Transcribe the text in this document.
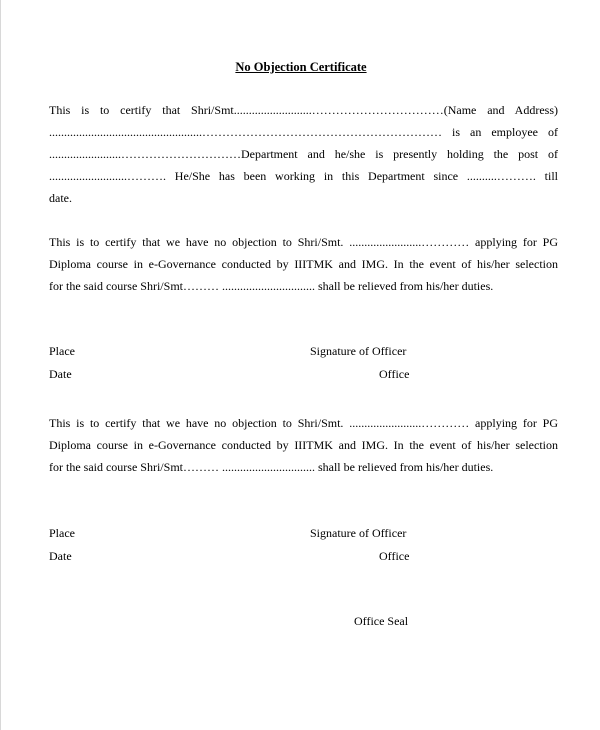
No Objection Certificate
This is to certify that Shri/Smt..........................……………………………(Name and Address)
...................................................…………………………………………………… is an employee of
........................…………………………Department and he/she is presently holding the post of
..........................………. He/She has been working in this Department since ..........………. till
date.
This is to certify that we have no objection to Shri/Smt. ........................………… applying for PG
Diploma course in e-Governance conducted by IIITMK and IMG. In the event of his/her selection
for the said course Shri/Smt……… ............................... shall be relieved from his/her duties.
Place
Date
Signature of Officer
Office
This is to certify that we have no objection to Shri/Smt. ........................………… applying for PG
Diploma course in e-Governance conducted by IIITMK and IMG. In the event of his/her selection
for the said course Shri/Smt……… ............................... shall be relieved from his/her duties.
Place
Date
Signature of Officer
Office
Office Seal
